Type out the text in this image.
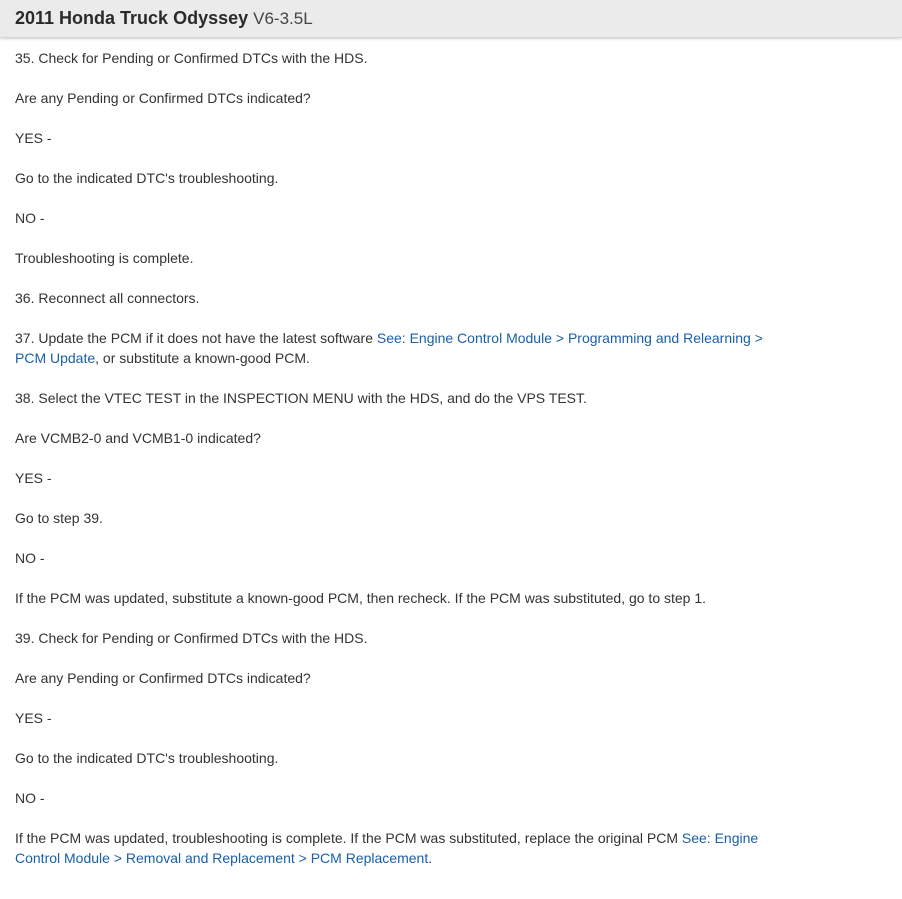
2011 Honda Truck Odyssey V6-3.5L

35. Check for Pending or Confirmed DTCs with the HDS.

Are any Pending or Confirmed DTCs indicated?

YES -

Go to the indicated DTC's troubleshooting.

NO -

Troubleshooting is complete.

36. Reconnect all connectors.

37. Update the PCM if it does not have the latest software See: Engine Control Module > Programming and Relearning > PCM Update, or substitute a known-good PCM.

38. Select the VTEC TEST in the INSPECTION MENU with the HDS, and do the VPS TEST.

Are VCMB2-0 and VCMB1-0 indicated?

YES -

Go to step 39.

NO -

If the PCM was updated, substitute a known-good PCM, then recheck. If the PCM was substituted, go to step 1.

39. Check for Pending or Confirmed DTCs with the HDS.

Are any Pending or Confirmed DTCs indicated?

YES -

Go to the indicated DTC's troubleshooting.

NO -

If the PCM was updated, troubleshooting is complete. If the PCM was substituted, replace the original PCM See: Engine Control Module > Removal and Replacement > PCM Replacement.
